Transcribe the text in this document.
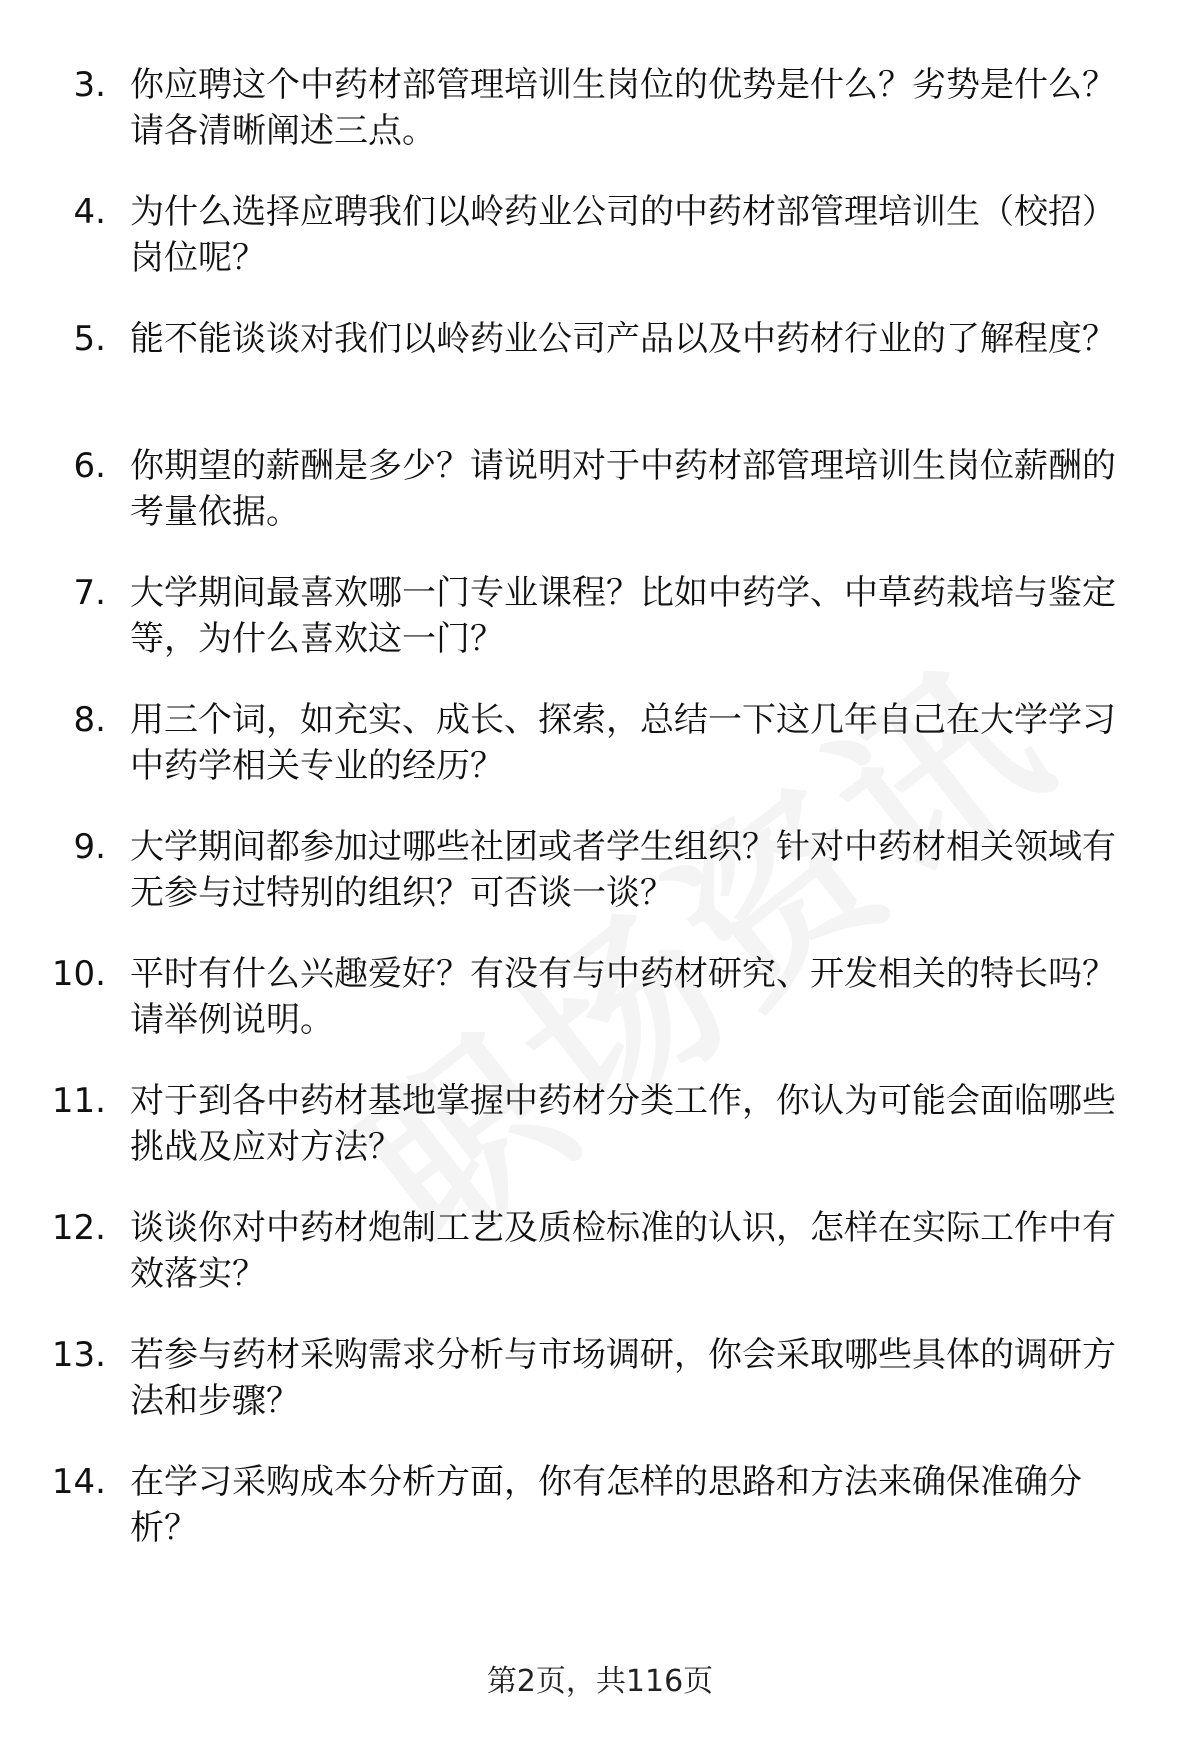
3. 你应聘这个中药材部管理培训生岗位的优势是什么？劣势是什么？请各清晰阐述三点。

4. 为什么选择应聘我们以岭药业公司的中药材部管理培训生（校招）岗位呢？

5. 能不能谈谈对我们以岭药业公司产品以及中药材行业的了解程度？

6. 你期望的薪酬是多少？请说明对于中药材部管理培训生岗位薪酬的考量依据。

7. 大学期间最喜欢哪一门专业课程？比如中药学、中草药栽培与鉴定等，为什么喜欢这一门？

8. 用三个词，如充实、成长、探索，总结一下这几年自己在大学学习中药学相关专业的经历？

9. 大学期间都参加过哪些社团或者学生组织？针对中药材相关领域有无参与过特别的组织？可否谈一谈？

10. 平时有什么兴趣爱好？有没有与中药材研究、开发相关的特长吗？请举例说明。

11. 对于到各中药材基地掌握中药材分类工作，你认为可能会面临哪些挑战及应对方法？

12. 谈谈你对中药材炮制工艺及质检标准的认识，怎样在实际工作中有效落实？

13. 若参与药材采购需求分析与市场调研，你会采取哪些具体的调研方法和步骤？

14. 在学习采购成本分析方面，你有怎样的思路和方法来确保准确分析？

第2页，共116页
